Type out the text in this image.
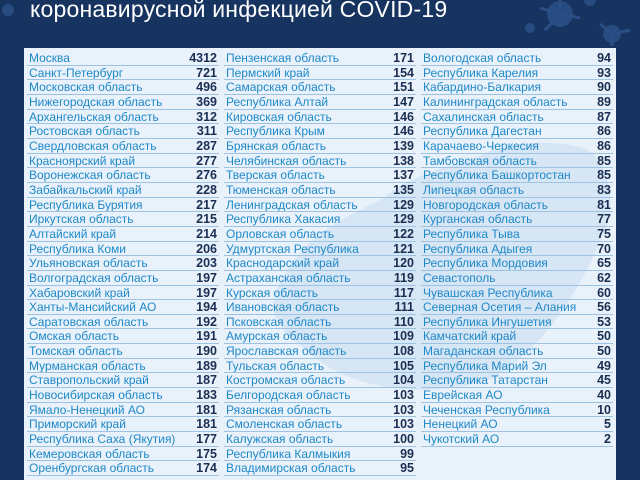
коронавирусной инфекцией COVID-19
Москва	4312
Санкт-Петербург	721
Московская область	496
Нижегородская область	369
Архангельская область	312
Ростовская область	311
Свердловская область	287
Красноярский край	277
Воронежская область	276
Забайкальский край	228
Республика Бурятия	217
Иркутская область	215
Алтайский край	214
Республика Коми	206
Ульяновская область	203
Волгоградская область	197
Хабаровский край	197
Ханты-Мансийский АО	194
Саратовская область	192
Омская область	191
Томская область	190
Мурманская область	189
Ставропольский край	187
Новосибирская область	183
Ямало-Ненецкий АО	181
Приморский край	181
Республика Саха (Якутия) 177
Кемеровская область	175
Оренбургская область	174
Пензенская область	171
Пермский край	154
Самарская область	151
Республика Алтай	147
Кировская область	146
Республика Крым	146
Брянская область	139
Челябинская область	138
Тверская область	137
Тюменская область	135
Ленинградская область	129
Республика Хакасия	129
Орловская область	122
Удмуртская Республика	121
Краснодарский край	120
Астраханская область	119
Курская область	117
Ивановская область	111
Псковская область	110
Амурская область	109
Ярославская область	108
Тульская область	105
Костромская область	104
Белгородская область	103
Рязанская область	103
Смоленская область	103
Калужская область	100
Республика Калмыкия	99
Владимирская область	95
Вологодская область	94
Республика Карелия	93
Кабардино-Балкария	90
Калининградская область 89
Сахалинская область	87
Республика Дагестан	86
Карачаево-Черкесия	86
Тамбовская область	85
Республика Башкортостан 85
Липецкая область	83
Новгородская область	81
Курганская область	77
Республика Тыва	75
Республика Адыгея	70
Республика Мордовия	65
Севастополь	62
Чувашская Республика	60
Северная Осетия – Алания 56
Республика Ингушетия	53
Камчатский край	50
Магаданская область	50
Республика Марий Эл	49
Республика Татарстан	45
Еврейская АО	40
Чеченская Республика	10
Ненецкий АО	5
Чукотский АО	2
